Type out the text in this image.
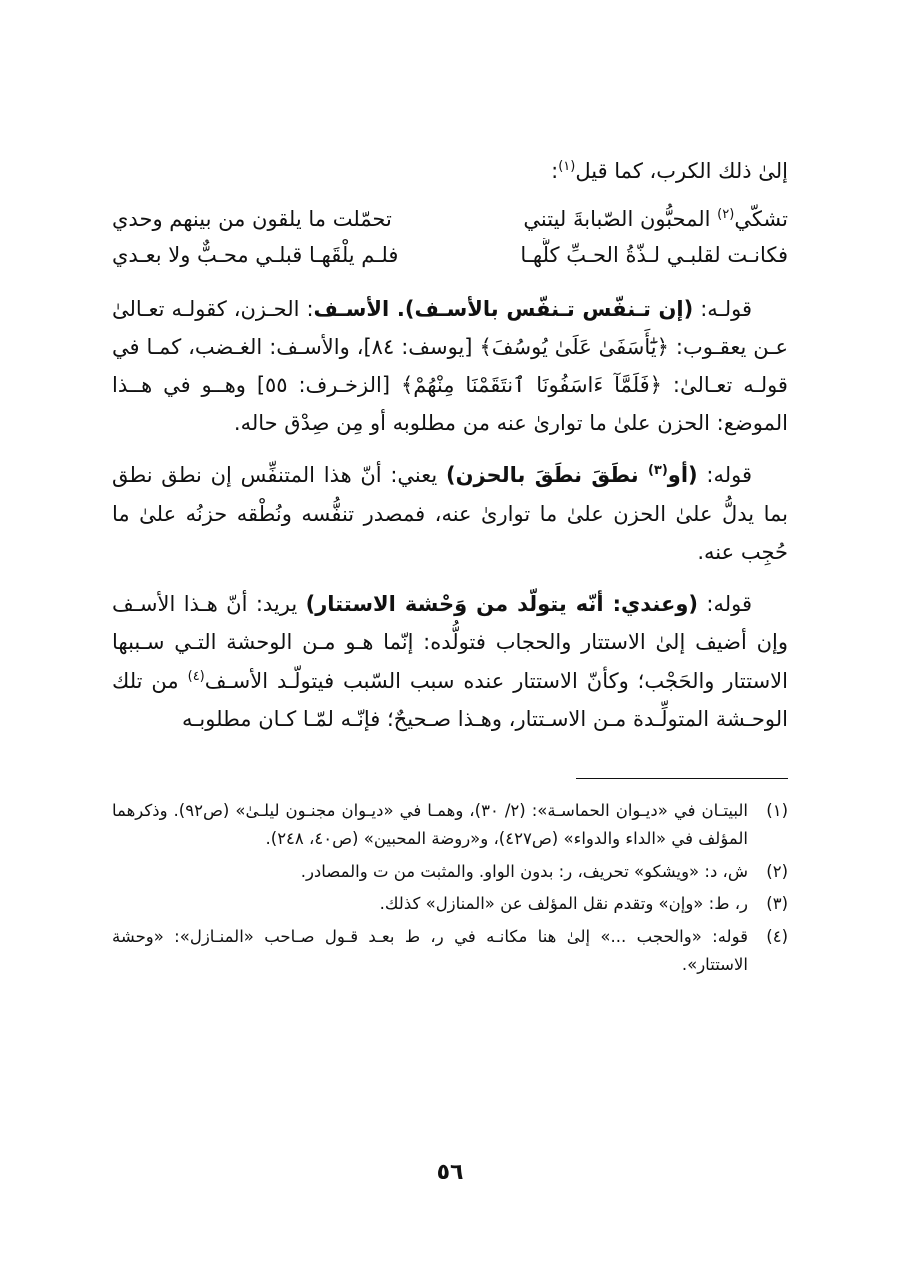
إلىٰ ذلك الكرب، كما قيل$^{(١)}$:

تشكّي$^{(٢)}$ المحبُّون الصّبابةَ ليتني
تحمّلت ما يلقون من بينهم وحدي
فكانـت لقلبـي لـذّةُ الحـبِّ كلُّهـا
فلـم يلْقَهـا قبلـي محـبٌّ ولا بعـدي

قولـه: (إن تـنفّس تـنفّس بالأسـف). الأسـف: الحـزن، كقولـه تعـالىٰ عـن يعقـوب: ﴿يَٰٓأَسَفَىٰ عَلَىٰ يُوسُفَ﴾ [يوسف: ٨٤]، والأسـف: الغـضب، كمـا في قولـه تعـالىٰ: ﴿فَلَمَّآ ءَاسَفُونَا ٱنتَقَمْنَا مِنْهُمْ﴾ [الزخـرف: ٥٥] وهــو في هــذا الموضع: الحزن علىٰ ما توارىٰ عنه من مطلوبه أو مِن صِدْق حاله.

قوله: (أو$^{(٣)}$ نطَقَ نطَقَ بالحزن) يعني: أنّ هذا المتنفِّس إن نطق نطق بما يدلُّ علىٰ الحزن علىٰ ما توارىٰ عنه، فمصدر تنفُّسه ونُطْقه حزنُه علىٰ ما حُجِب عنه.

قوله: (وعندي: أنّه يتولّد من وَحْشة الاستتار) يريد: أنّ هـذا الأسـف وإن أضيف إلىٰ الاستتار والحجاب فتولُّده: إنّما هـو مـن الوحشة التـي سـببها الاستتار والحَجْب؛ وكأنّ الاستتار عنده سبب السّبب فيتولّـد الأسـف$^{(٤)}$ من تلك الوحـشة المتولِّـدة مـن الاسـتتار، وهـذا صـحيحٌ؛ فإنّـه لمّـا كـان مطلوبـه

(١)
البيتـان في «ديـوان الحماسـة»: (٢/ ٣٠)، وهمـا في «ديـوان مجنـون ليلـىٰ» (ص٩٢). وذكرهما المؤلف في «الداء والدواء» (ص٤٢٧)، و«روضة المحبين» (ص٤٠، ٢٤٨).
(٢)
ش، د: «ويشكو» تحريف، ر: بدون الواو. والمثبت من ت والمصادر.
(٣)
ر، ط: «وإن» وتقدم نقل المؤلف عن «المنازل» كذلك.
(٤)
قوله: «والحجب ...» إلىٰ هنا مكانـه في ر، ط بعـد قـول صـاحب «المنـازل»: «وحشة الاستتار».
٥٦
